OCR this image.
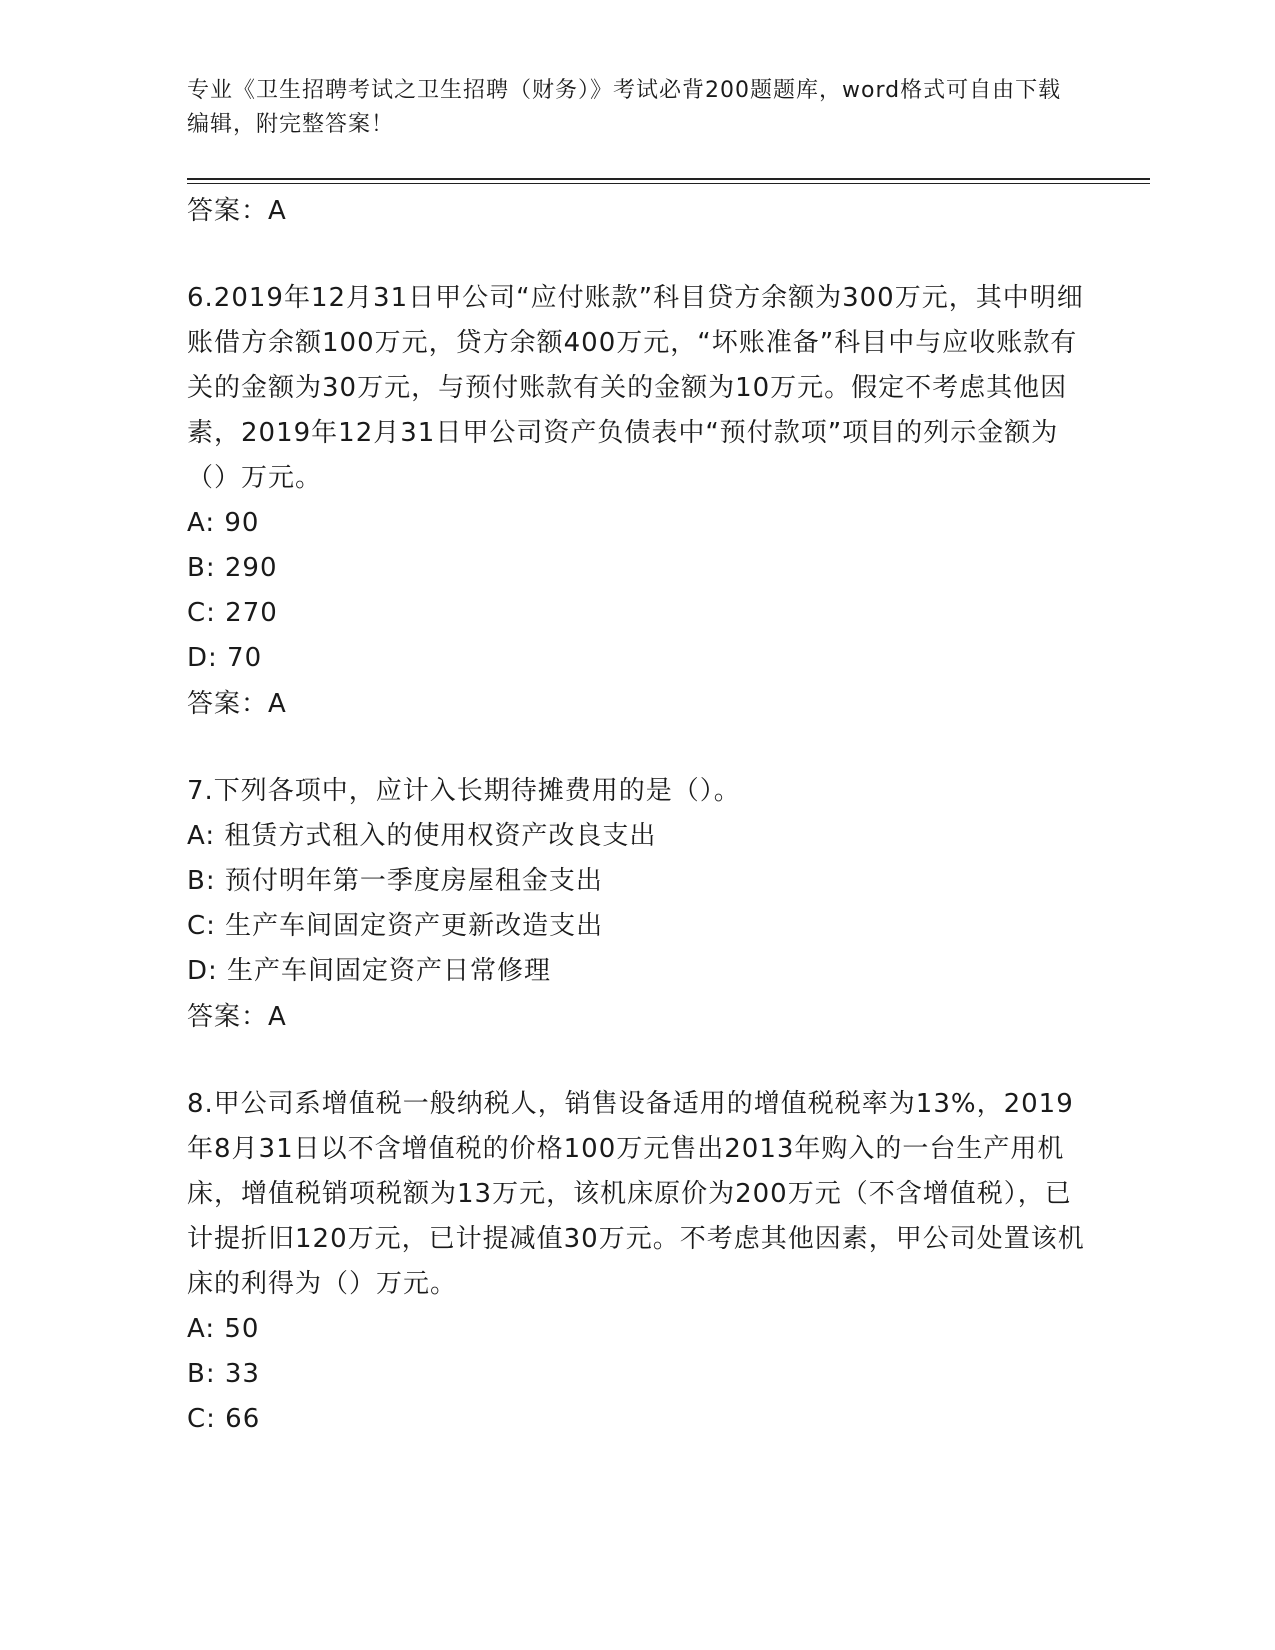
专业《卫生招聘考试之卫生招聘（财务）》考试必背200题题库，word格式可自由下载编辑，附完整答案！

答案：A

6.2019年12月31日甲公司“应付账款”科目贷方余额为300万元，其中明细账借方余额100万元，贷方余额400万元，“坏账准备”科目中与应收账款有关的金额为30万元，与预付账款有关的金额为10万元。假定不考虑其他因素，2019年12月31日甲公司资产负债表中“预付款项”项目的列示金额为（）万元。

A: 90

B: 290

C: 270

D: 70

答案：A

7.下列各项中，应计入长期待摊费用的是（）。

A: 租赁方式租入的使用权资产改良支出

B: 预付明年第一季度房屋租金支出

C: 生产车间固定资产更新改造支出

D: 生产车间固定资产日常修理

答案：A

8.甲公司系增值税一般纳税人，销售设备适用的增值税税率为13%，2019年8月31日以不含增值税的价格100万元售出2013年购入的一台生产用机床，增值税销项税额为13万元，该机床原价为200万元（不含增值税），已计提折旧120万元，已计提减值30万元。不考虑其他因素，甲公司处置该机床的利得为（）万元。

A: 50

B: 33

C: 66
